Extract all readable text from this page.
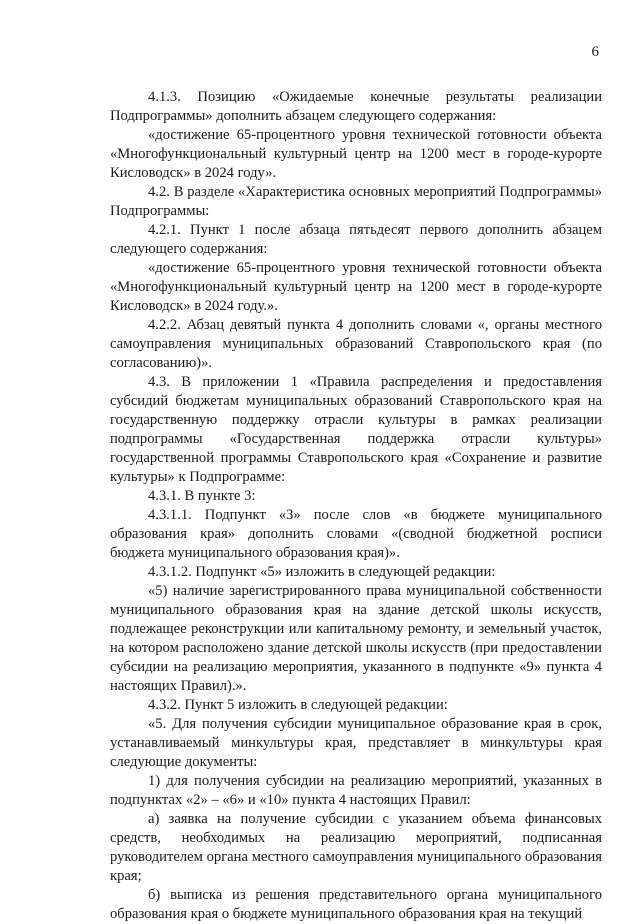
6

4.1.3. Позицию «Ожидаемые конечные результаты реализации Подпрограммы» дополнить абзацем следующего содержания:

«достижение 65-процентного уровня технической готовности объекта «Многофункциональный культурный центр на 1200 мест в городе-курорте Кисловодск» в 2024 году».

4.2. В разделе «Характеристика основных мероприятий Подпрограммы» Подпрограммы:

4.2.1. Пункт 1 после абзаца пятьдесят первого дополнить абзацем следующего содержания:

«достижение 65-процентного уровня технической готовности объекта «Многофункциональный культурный центр на 1200 мест в городе-курорте Кисловодск» в 2024 году.».

4.2.2. Абзац девятый пункта 4 дополнить словами «, органы местного самоуправления муниципальных образований Ставропольского края (по согласованию)».

4.3. В приложении 1 «Правила распределения и предоставления субсидий бюджетам муниципальных образований Ставропольского края на государственную поддержку отрасли культуры в рамках реализации подпрограммы «Государственная поддержка отрасли культуры» государственной программы Ставропольского края «Сохранение и развитие культуры» к Подпрограмме:

4.3.1. В пункте 3:

4.3.1.1. Подпункт «3» после слов «в бюджете муниципального образования края» дополнить словами «(сводной бюджетной росписи бюджета муниципального образования края)».

4.3.1.2. Подпункт «5» изложить в следующей редакции:

«5) наличие зарегистрированного права муниципальной собственности муниципального образования края на здание детской школы искусств, подлежащее реконструкции или капитальному ремонту, и земельный участок, на котором расположено здание детской школы искусств (при предоставлении субсидии на реализацию мероприятия, указанного в подпункте «9» пункта 4 настоящих Правил).».

4.3.2. Пункт 5 изложить в следующей редакции:

«5. Для получения субсидии муниципальное образование края в срок, устанавливаемый минкультуры края, представляет в минкультуры края следующие документы:

1) для получения субсидии на реализацию мероприятий, указанных в подпунктах «2» – «6» и «10» пункта 4 настоящих Правил:

а) заявка на получение субсидии с указанием объема финансовых средств, необходимых на реализацию мероприятий, подписанная руководителем органа местного самоуправления муниципального образования края;

б) выписка из решения представительного органа муниципального образования края о бюджете муниципального образования края на текущий
